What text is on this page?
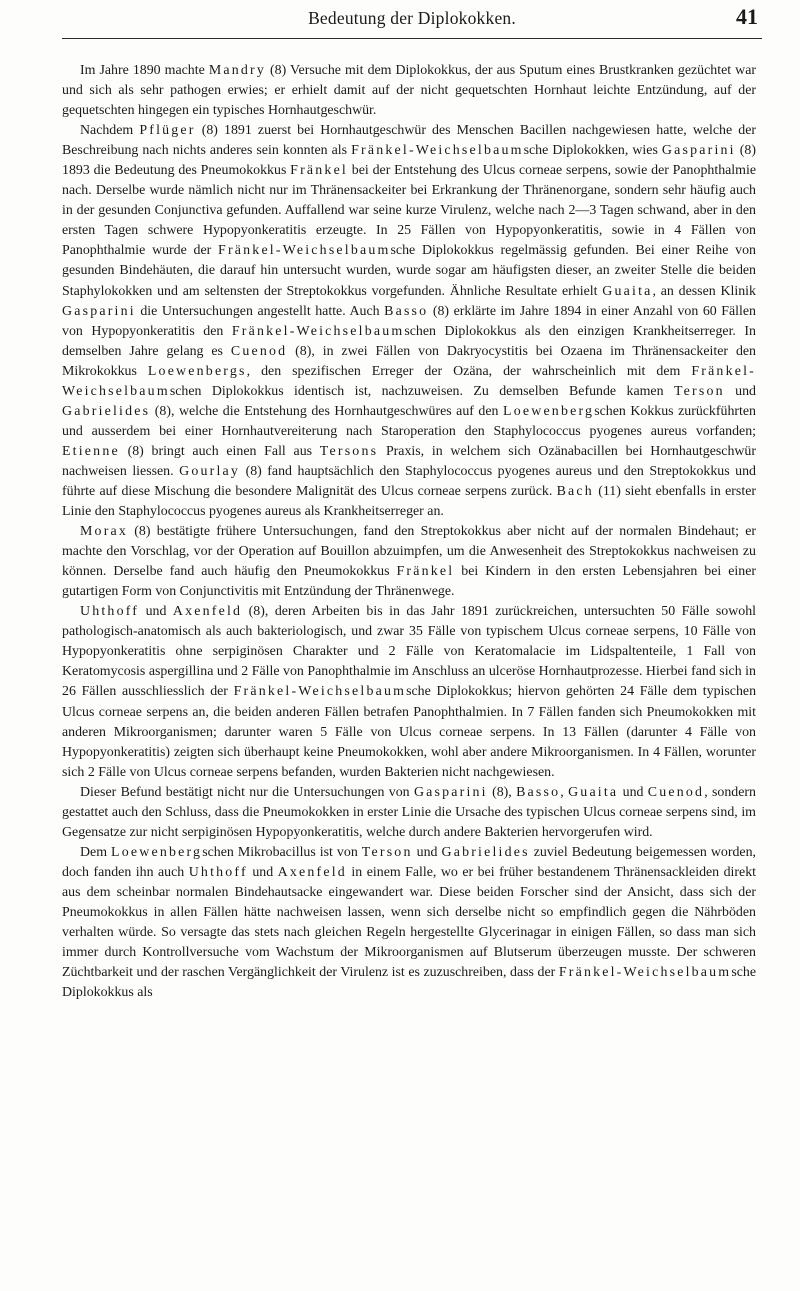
Bedeutung der Diplokokken.	41

Im Jahre 1890 machte Mandry (8) Versuche mit dem Diplokokkus, der aus Sputum eines Brustkranken gezüchtet war und sich als sehr pathogen erwies; er erhielt damit auf der nicht gequetschten Hornhaut leichte Entzündung, auf der gequetschten hingegen ein typisches Hornhautgeschwür.

Nachdem Pflüger (8) 1891 zuerst bei Hornhautgeschwür des Menschen Bacillen nachgewiesen hatte, welche der Beschreibung nach nichts anderes sein konnten als Fränkel-Weichselbaumsche Diplokokken, wies Gasparini (8) 1893 die Bedeutung des Pneumokokkus Fränkel bei der Entstehung des Ulcus corneae serpens, sowie der Panophthalmie nach. Derselbe wurde nämlich nicht nur im Thränensackeiter bei Erkrankung der Thränenorgane, sondern sehr häufig auch in der gesunden Conjunctiva gefunden. Auffallend war seine kurze Virulenz, welche nach 2—3 Tagen schwand, aber in den ersten Tagen schwere Hypopyonkeratitis erzeugte. In 25 Fällen von Hypopyonkeratitis, sowie in 4 Fällen von Panophthalmie wurde der Fränkel-Weichselbaumsche Diplokokkus regelmässig gefunden. Bei einer Reihe von gesunden Bindehäuten, die darauf hin untersucht wurden, wurde sogar am häufigsten dieser, an zweiter Stelle die beiden Staphylokokken und am seltensten der Streptokokkus vorgefunden. Ähnliche Resultate erhielt Guaita, an dessen Klinik Gasparini die Untersuchungen angestellt hatte. Auch Basso (8) erklärte im Jahre 1894 in einer Anzahl von 60 Fällen von Hypopyonkeratitis den Fränkel-Weichselbaumschen Diplokokkus als den einzigen Krankheitserreger. In demselben Jahre gelang es Cuenod (8), in zwei Fällen von Dakryocystitis bei Ozaena im Thränensackeiter den Mikrokokkus Loewenbergs, den spezifischen Erreger der Ozäna, der wahrscheinlich mit dem Fränkel-Weichselbaumschen Diplokokkus identisch ist, nachzuweisen. Zu demselben Befunde kamen Terson und Gabrielides (8), welche die Entstehung des Hornhautgeschwüres auf den Loewenbergschen Kokkus zurückführten und ausserdem bei einer Hornhautvereiterung nach Staroperation den Staphylococcus pyogenes aureus vorfanden; Etienne (8) bringt auch einen Fall aus Tersons Praxis, in welchem sich Ozänabacillen bei Hornhautgeschwür nachweisen liessen. Gourlay (8) fand hauptsächlich den Staphylococcus pyogenes aureus und den Streptokokkus und führte auf diese Mischung die besondere Malignität des Ulcus corneae serpens zurück. Bach (11) sieht ebenfalls in erster Linie den Staphylococcus pyogenes aureus als Krankheitserreger an.

Morax (8) bestätigte frühere Untersuchungen, fand den Streptokokkus aber nicht auf der normalen Bindehaut; er machte den Vorschlag, vor der Operation auf Bouillon abzuimpfen, um die Anwesenheit des Streptokokkus nachweisen zu können. Derselbe fand auch häufig den Pneumokokkus Fränkel bei Kindern in den ersten Lebensjahren bei einer gutartigen Form von Conjunctivitis mit Entzündung der Thränenwege.

Uhthoff und Axenfeld (8), deren Arbeiten bis in das Jahr 1891 zurückreichen, untersuchten 50 Fälle sowohl pathologisch-anatomisch als auch bakteriologisch, und zwar 35 Fälle von typischem Ulcus corneae serpens, 10 Fälle von Hypopyonkeratitis ohne serpiginösen Charakter und 2 Fälle von Keratomalacie im Lidspaltenteile, 1 Fall von Keratomycosis aspergillina und 2 Fälle von Panophthalmie im Anschluss an ulceröse Hornhautprozesse. Hierbei fand sich in 26 Fällen ausschliesslich der Fränkel-Weichselbaumsche Diplokokkus; hiervon gehörten 24 Fälle dem typischen Ulcus corneae serpens an, die beiden anderen Fällen betrafen Panophthalmien. In 7 Fällen fanden sich Pneumokokken mit anderen Mikroorganismen; darunter waren 5 Fälle von Ulcus corneae serpens. In 13 Fällen (darunter 4 Fälle von Hypopyonkeratitis) zeigten sich überhaupt keine Pneumokokken, wohl aber andere Mikroorganismen. In 4 Fällen, worunter sich 2 Fälle von Ulcus corneae serpens befanden, wurden Bakterien nicht nachgewiesen.

Dieser Befund bestätigt nicht nur die Untersuchungen von Gasparini (8), Basso, Guaita und Cuenod, sondern gestattet auch den Schluss, dass die Pneumokokken in erster Linie die Ursache des typischen Ulcus corneae serpens sind, im Gegensatze zur nicht serpiginösen Hypopyonkeratitis, welche durch andere Bakterien hervorgerufen wird.

Dem Loewenbergschen Mikrobacillus ist von Terson und Gabrielides zuviel Bedeutung beigemessen worden, doch fanden ihn auch Uhthoff und Axenfeld in einem Falle, wo er bei früher bestandenem Thränensackleiden direkt aus dem scheinbar normalen Bindehautsacke eingewandert war. Diese beiden Forscher sind der Ansicht, dass sich der Pneumokokkus in allen Fällen hätte nachweisen lassen, wenn sich derselbe nicht so empfindlich gegen die Nährböden verhalten würde. So versagte das stets nach gleichen Regeln hergestellte Glycerinagar in einigen Fällen, so dass man sich immer durch Kontrollversuche vom Wachstum der Mikroorganismen auf Blutserum überzeugen musste. Der schweren Züchtbarkeit und der raschen Vergänglichkeit der Virulenz ist es zuzuschreiben, dass der Fränkel-Weichselbaumsche Diplokokkus als
